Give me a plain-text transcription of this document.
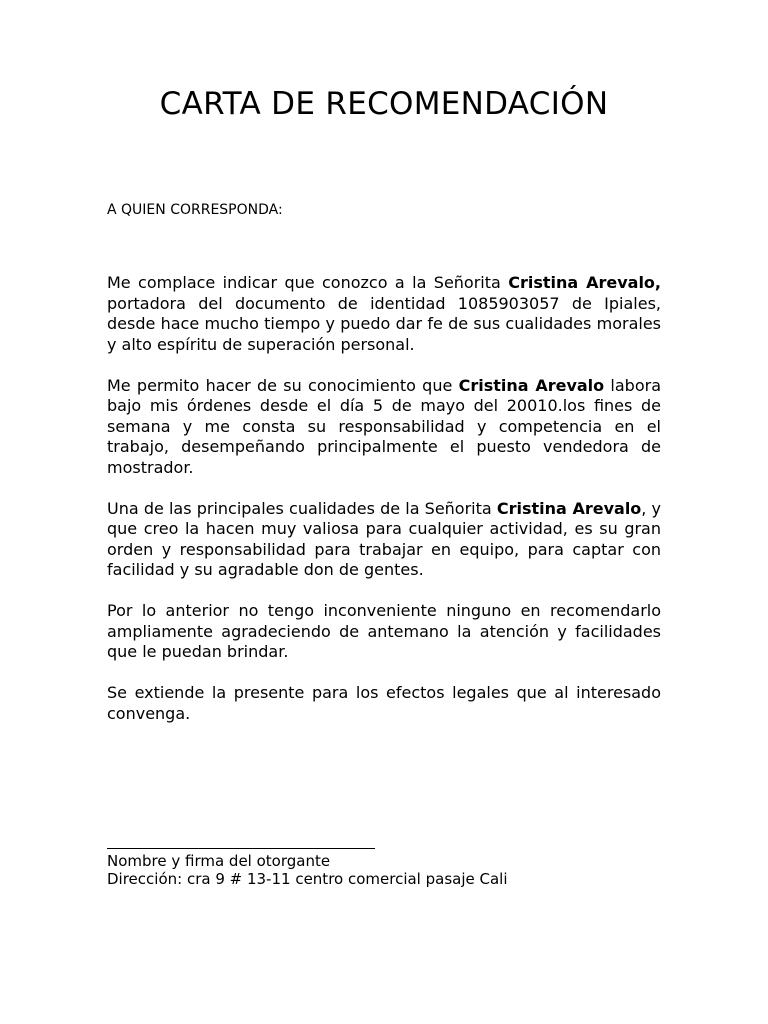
CARTA DE RECOMENDACIÓN

A QUIEN CORRESPONDA:

Me complace indicar que conozco a la Señorita Cristina Arevalo, portadora del documento de identidad 1085903057 de Ipiales, desde hace mucho tiempo y puedo dar fe de sus cualidades morales y alto espíritu de superación personal.

Me permito hacer de su conocimiento que Cristina Arevalo labora bajo mis órdenes desde el día 5 de mayo del 20010.los fines de semana y me consta su responsabilidad y competencia en el trabajo, desempeñando principalmente el puesto vendedora de mostrador.

Una de las principales cualidades de la Señorita Cristina Arevalo, y que creo la hacen muy valiosa para cualquier actividad, es su gran orden y responsabilidad para trabajar en equipo, para captar con facilidad y su agradable don de gentes.

Por lo anterior no tengo inconveniente ninguno en recomendarlo ampliamente agradeciendo de antemano la atención y facilidades que le puedan brindar.

Se extiende la presente para los efectos legales que al interesado convenga.

Nombre y firma del otorgante
Dirección: cra 9 # 13-11 centro comercial pasaje Cali
